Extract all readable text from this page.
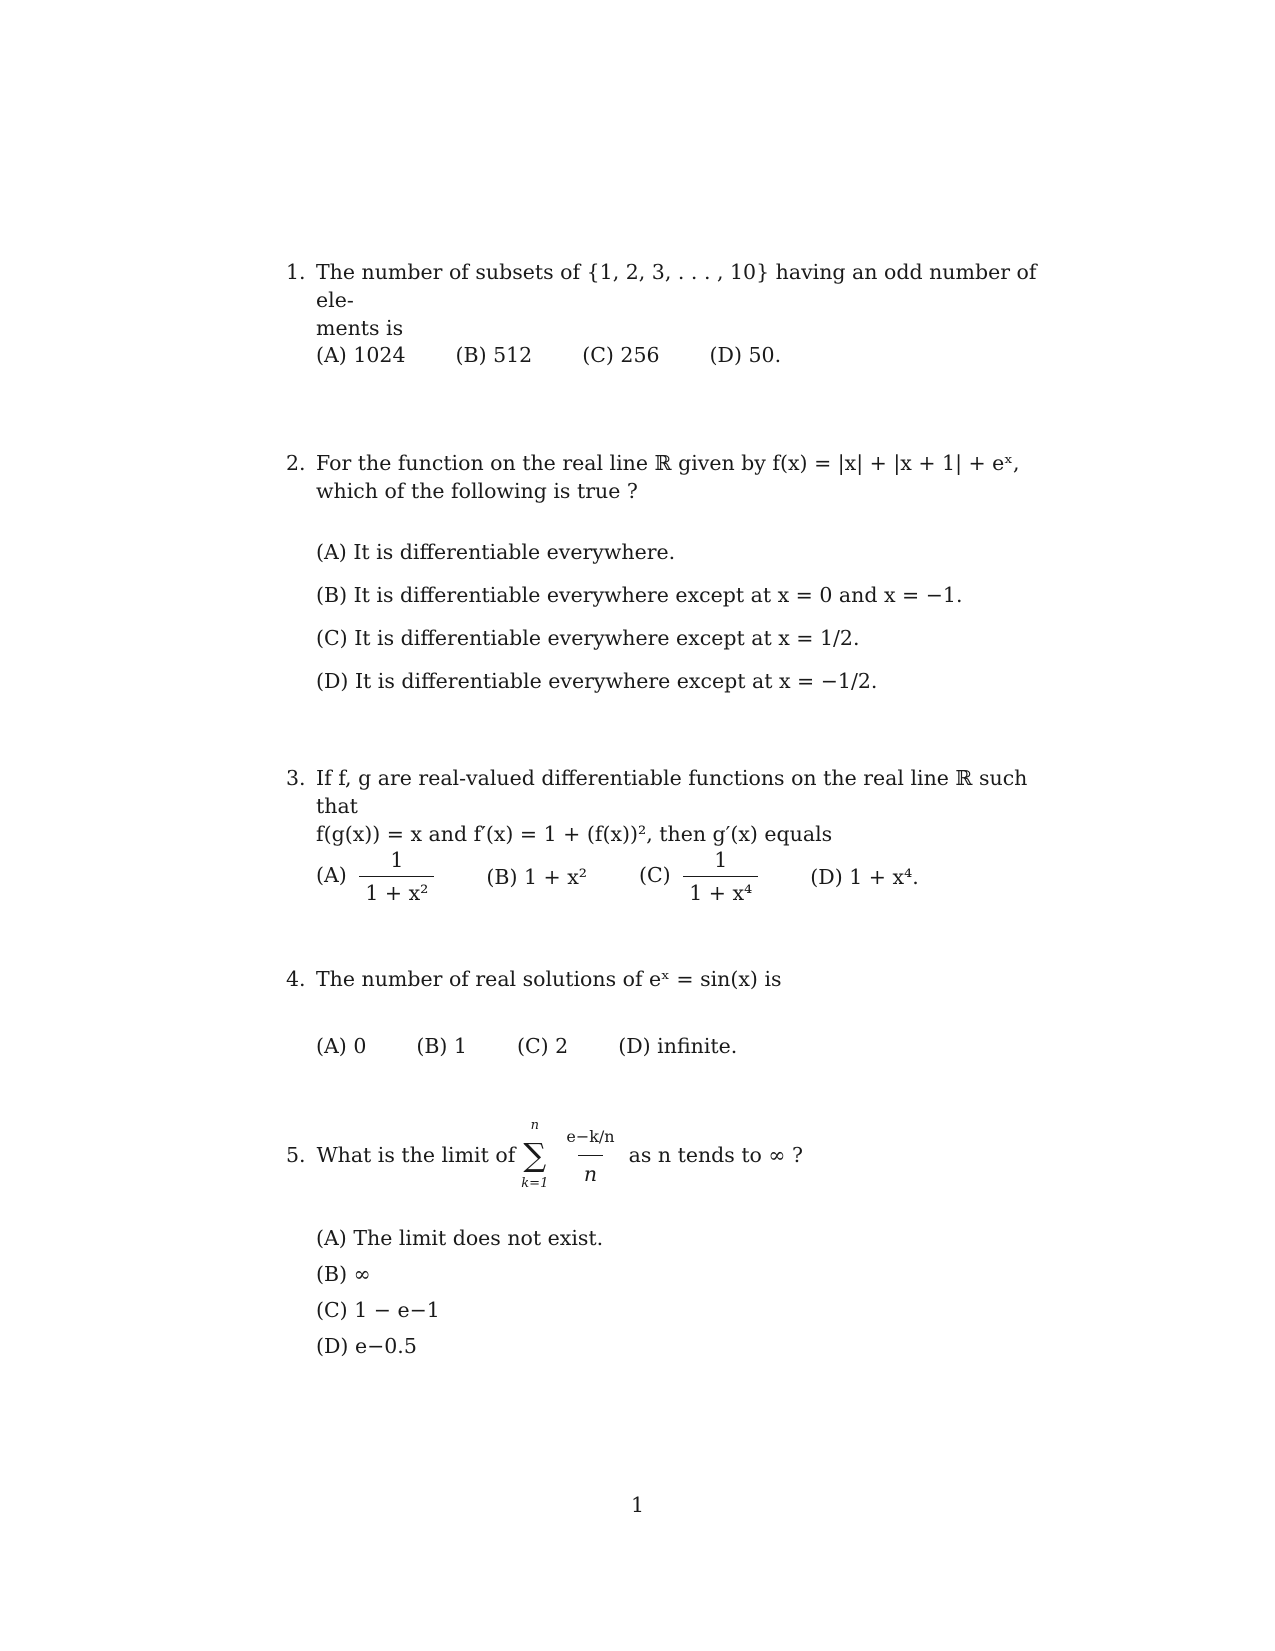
1. The number of subsets of {1, 2, 3, . . . , 10} having an odd number of ele-
ments is
(A) 1024 (B) 512 (C) 256 (D) 50.
2. For the function on the real line ℝ given by f(x) = |x| + |x + 1| + eˣ,
which of the following is true ?
(A) It is differentiable everywhere.
(B) It is differentiable everywhere except at x = 0 and x = −1.
(C) It is differentiable everywhere except at x = 1/2.
(D) It is differentiable everywhere except at x = −1/2.
3. If f, g are real-valued differentiable functions on the real line ℝ such that
f(g(x)) = x and f′(x) = 1 + (f(x))², then g′(x) equals
$(A) \frac{1}{\text{1 + x²}}$	(B) 1 + x²	$(C) \frac{1}{\text{1 + x⁴}}$	(D) 1 + x⁴.
4. The number of real solutions of eˣ = sin(x) is
(A) 0 (B) 1 (C) 2 (D) infinite.
5. What is the limit of
n
∑
$k=1 \frac{e-k/n}{n}$ as n tends to ∞ ?
(A) The limit does not exist.
(B) ∞
(C) 1 − e−1
(D) e−0.5
1
